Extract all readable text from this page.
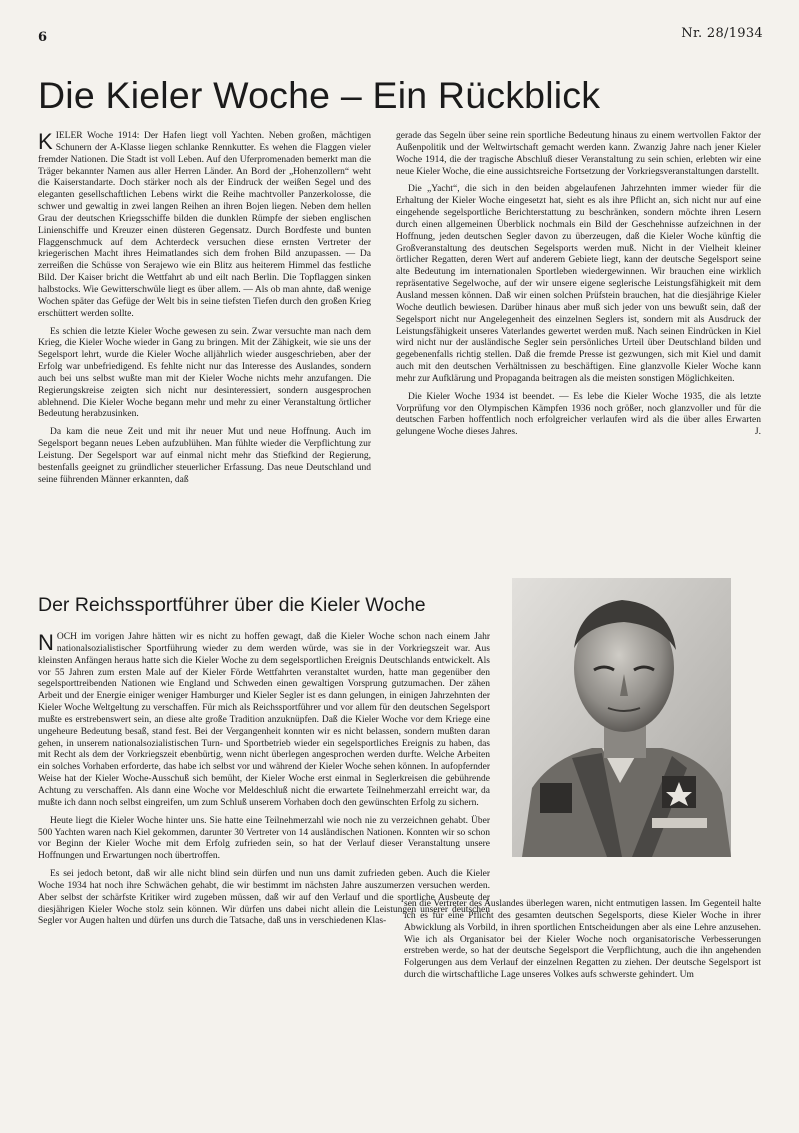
6	Nr. 28/1934
Die Kieler Woche – Ein Rückblick

KIELER Woche 1914: Der Hafen liegt voll Yachten. Neben großen, mächtigen Schunern der A-Klasse liegen schlanke Rennkutter. Es wehen die Flaggen vieler fremder Nationen. Die Stadt ist voll Leben. Auf den Uferpromenaden bemerkt man die Träger bekannter Namen aus aller Herren Länder. An Bord der „Hohenzollern“ weht die Kaiserstandarte. Doch stärker noch als der Eindruck der weißen Segel und des eleganten gesellschaftlichen Lebens wirkt die Reihe machtvoller Panzerkolosse, die schwer und gewaltig in zwei langen Reihen an ihren Bojen liegen. Neben dem hellen Grau der deutschen Kriegsschiffe bilden die dunklen Rümpfe der sieben englischen Linienschiffe und Kreuzer einen düsteren Gegensatz. Durch Bordfeste und bunten Flaggenschmuck auf dem Achterdeck versuchen diese ernsten Vertreter der kriegerischen Macht ihres Heimatlandes sich dem frohen Bild anzupassen. — Da zerreißen die Schüsse von Serajewo wie ein Blitz aus heiterem Himmel das festliche Bild. Der Kaiser bricht die Wettfahrt ab und eilt nach Berlin. Die Topflaggen sinken halbstocks. Wie Gewitterschwüle liegt es über allem. — Als ob man ahnte, daß wenige Wochen später das Gefüge der Welt bis in seine tiefsten Tiefen durch den großen Krieg erschüttert werden sollte.

Es schien die letzte Kieler Woche gewesen zu sein. Zwar versuchte man nach dem Krieg, die Kieler Woche wieder in Gang zu bringen. Mit der Zähigkeit, wie sie uns der Segelsport lehrt, wurde die Kieler Woche alljährlich wieder ausgeschrieben, aber der Erfolg war unbefriedigend. Es fehlte nicht nur das Interesse des Auslandes, sondern auch bei uns selbst wußte man mit der Kieler Woche nichts mehr anzufangen. Die Regierungskreise zeigten sich nicht nur desinteressiert, sondern ausgesprochen ablehnend. Die Kieler Woche begann mehr und mehr zu einer Veranstaltung örtlicher Bedeutung herabzusinken.

Da kam die neue Zeit und mit ihr neuer Mut und neue Hoffnung. Auch im Segelsport begann neues Leben aufzublühen. Man fühlte wieder die Verpflichtung zur Leistung. Der Segelsport war auf einmal nicht mehr das Stiefkind der Regierung, bestenfalls geeignet zu gründlicher steuerlicher Erfassung. Das neue Deutschland und seine führenden Männer erkannten, daß

gerade das Segeln über seine rein sportliche Bedeutung hinaus zu einem wertvollen Faktor der Außenpolitik und der Weltwirtschaft gemacht werden kann. Zwanzig Jahre nach jener Kieler Woche 1914, die der tragische Abschluß dieser Veranstaltung zu sein schien, erlebten wir eine neue Kieler Woche, die eine aussichtsreiche Fortsetzung der Vorkriegsveranstaltungen darstellt.

Die „Yacht“, die sich in den beiden abgelaufenen Jahrzehnten immer wieder für die Erhaltung der Kieler Woche eingesetzt hat, sieht es als ihre Pflicht an, sich nicht nur auf eine eingehende segelsportliche Berichterstattung zu beschränken, sondern möchte ihren Lesern durch einen allgemeinen Überblick nochmals ein Bild der Geschehnisse aufzeichnen in der Hoffnung, jeden deutschen Segler davon zu überzeugen, daß die Kieler Woche künftig die Großveranstaltung des deutschen Segelsports werden muß. Nicht in der Vielheit kleiner örtlicher Regatten, deren Wert auf anderem Gebiete liegt, kann der deutsche Segelsport seine alte Bedeutung im internationalen Sportleben wiedergewinnen. Wir brauchen eine wirklich repräsentative Segelwoche, auf der wir unsere eigene seglerische Leistungsfähigkeit mit dem Ausland messen können. Daß wir einen solchen Prüfstein brauchen, hat die diesjährige Kieler Woche deutlich bewiesen. Darüber hinaus aber muß sich jeder von uns bewußt sein, daß der Segelsport nicht nur Angelegenheit des einzelnen Seglers ist, sondern mit als Ausdruck der Leistungsfähigkeit unseres Vaterlandes gewertet werden muß. Nach seinen Eindrücken in Kiel wird nicht nur der ausländische Segler sein persönliches Urteil über Deutschland bilden und gegebenenfalls richtig stellen. Daß die fremde Presse ist gezwungen, sich mit Kiel und damit auch mit den deutschen Verhältnissen zu beschäftigen. Eine glanzvolle Kieler Woche kann mehr zur Aufklärung und Propaganda beitragen als die meisten sonstigen Möglichkeiten.

Die Kieler Woche 1934 ist beendet. — Es lebe die Kieler Woche 1935, die als letzte Vorprüfung vor den Olympischen Kämpfen 1936 noch größer, noch glanzvoller und für die deutschen Farben hoffentlich noch erfolgreicher verlaufen wird als die über alles Erwarten gelungene Woche dieses Jahres.	J.

Der Reichssportführer über die Kieler Woche

NOCH im vorigen Jahre hätten wir es nicht zu hoffen gewagt, daß die Kieler Woche schon nach einem Jahr nationalsozialistischer Sportführung wieder zu dem werden würde, was sie in der Vorkriegszeit war. Aus kleinsten Anfängen heraus hatte sich die Kieler Woche zu dem segelsportlichen Ereignis Deutschlands entwickelt. Als vor 55 Jahren zum ersten Male auf der Kieler Förde Wettfahrten veranstaltet wurden, hatte man gegenüber den segelsporttreibenden Nationen wie England und Schweden einen gewaltigen Vorsprung gutzumachen. Der zähen Arbeit und der Energie einiger weniger Hamburger und Kieler Segler ist es dann gelungen, in einigen Jahrzehnten der Kieler Woche Weltgeltung zu verschaffen. Für mich als Reichssportführer und vor allem für den deutschen Segelsport mußte es erstrebenswert sein, an diese alte große Tradition anzuknüpfen. Daß die Kieler Woche vor dem Kriege eine ungeheure Bedeutung besaß, stand fest. Bei der Vergangenheit konnten wir es nicht belassen, sondern mußten daran gehen, in unserem nationalsozialistischen Turn- und Sportbetrieb wieder ein segelsportliches Ereignis zu haben, das mit Recht als dem der Vorkriegszeit ebenbürtig, wenn nicht überlegen angesprochen werden durfte. Welche Arbeiten ein solches Vorhaben erforderte, das habe ich selbst vor und während der Kieler Woche sehen können. In aufopfernder Weise hat der Kieler Woche-Ausschuß sich bemüht, der Kieler Woche erst einmal in Seglerkreisen die gebührende Achtung zu verschaffen. Als dann eine Woche vor Meldeschluß nicht die erwartete Teilnehmerzahl erreicht war, da mußte ich dann noch selbst eingreifen, um zum Schluß unserem Vorhaben doch den gewünschten Erfolg zu sichern.

Heute liegt die Kieler Woche hinter uns. Sie hatte eine Teilnehmerzahl wie noch nie zu verzeichnen gehabt. Über 500 Yachten waren nach Kiel gekommen, darunter 30 Vertreter von 14 ausländischen Nationen. Konnten wir so schon vor Beginn der Kieler Woche mit dem Erfolg zufrieden sein, so hat der Verlauf dieser Veranstaltung unsere Hoffnungen und Erwartungen noch übertroffen.

Es sei jedoch betont, daß wir alle nicht blind sein dürfen und nun uns damit zufrieden geben. Auch die Kieler Woche 1934 hat noch ihre Schwächen gehabt, die wir bestimmt im nächsten Jahre auszumerzen versuchen werden. Aber selbst der schärfste Kritiker wird zugeben müssen, daß wir auf den Verlauf und die sportliche Ausbeute der diesjährigen Kieler Woche stolz sein können. Wir dürfen uns dabei nicht allein die Leistungen unserer deutschen Segler vor Augen halten und dürfen uns durch die Tatsache, daß uns in verschiedenen Klas-

sen die Vertreter des Auslandes überlegen waren, nicht entmutigen lassen. Im Gegenteil halte ich es für eine Pflicht des gesamten deutschen Segelsports, diese Kieler Woche in ihrer Abwicklung als Vorbild, in ihren sportlichen Entscheidungen aber als eine Lehre anzusehen. Wie ich als Organisator bei der Kieler Woche noch organisatorische Verbesserungen erstreben werde, so hat der deutsche Segelsport die Verpflichtung, auch die ihn angehenden Folgerungen aus dem Verlauf der einzelnen Regatten zu ziehen. Der deutsche Segelsport ist durch die wirtschaftliche Lage unseres Volkes aufs schwerste gehindert. Um
